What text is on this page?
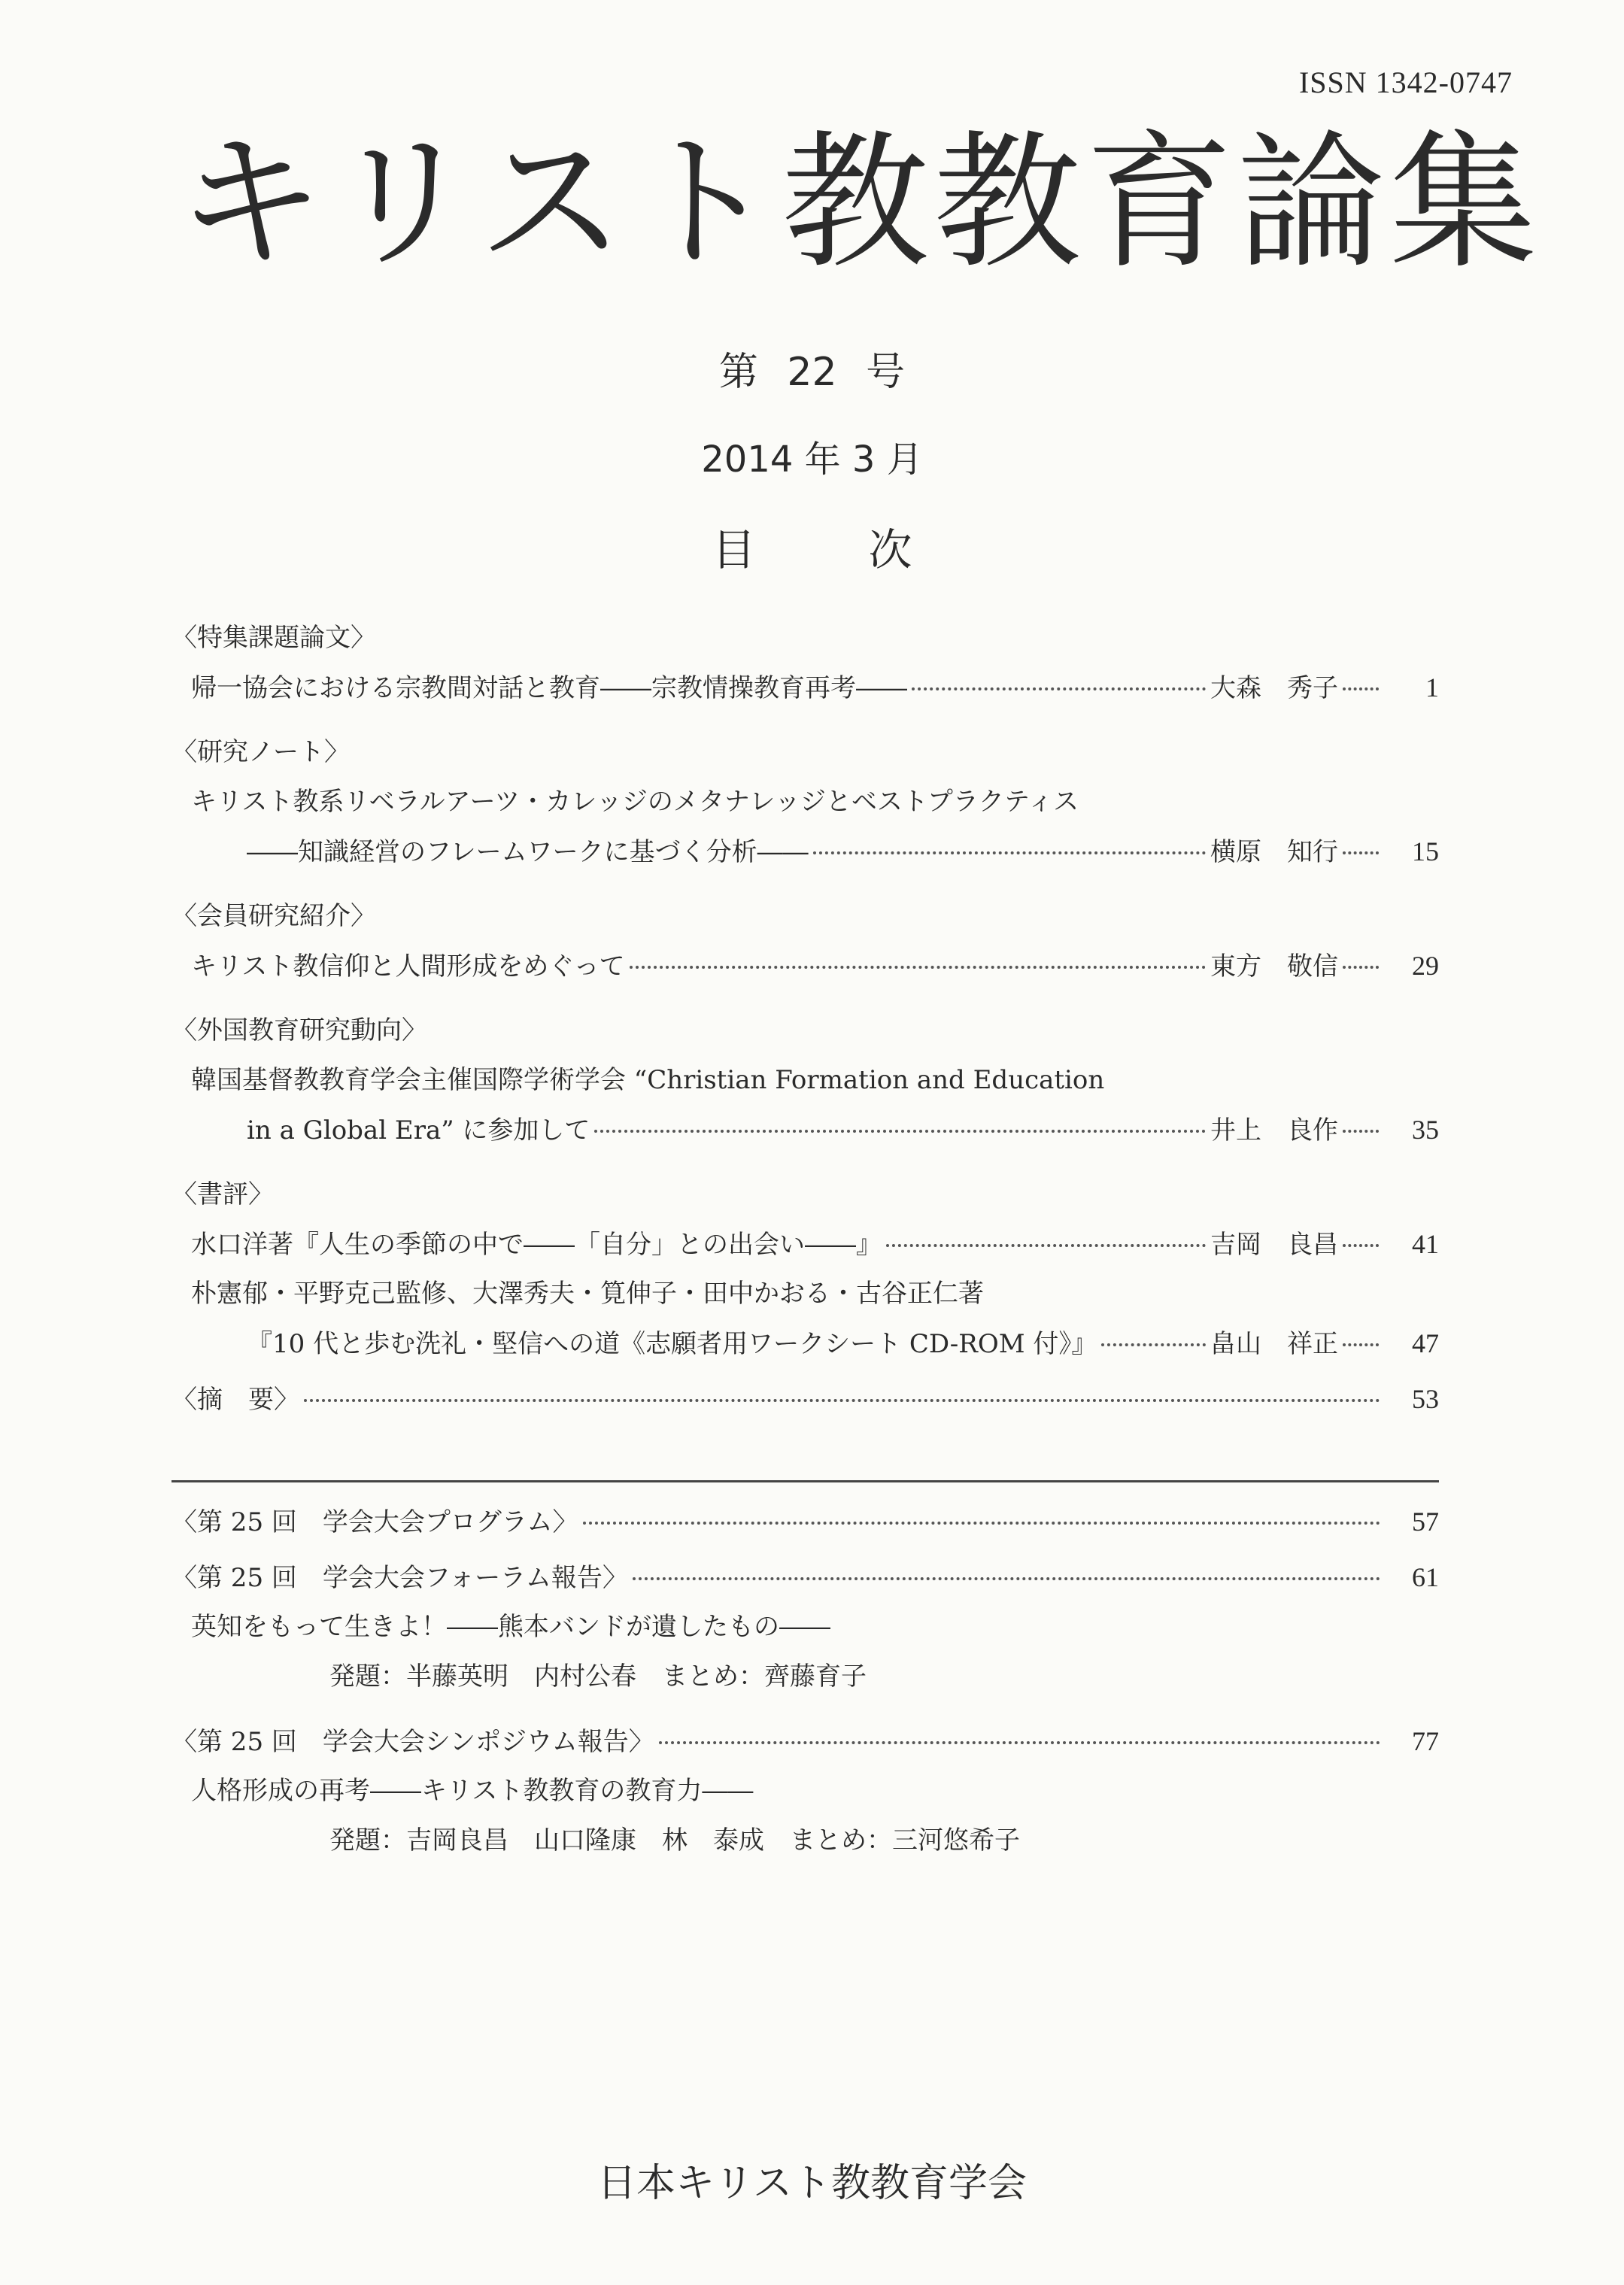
ISSN 1342-0747
キリスト教教育論集
第 22 号
2014 年 3 月
目次
〈特集課題論文〉
帰一協会における宗教間対話と教育――宗教情操教育再考――	大森　秀子	1
〈研究ノート〉
キリスト教系リベラルアーツ・カレッジのメタナレッジとベストプラクティス
――知識経営のフレームワークに基づく分析――	横原　知行	15
〈会員研究紹介〉
キリスト教信仰と人間形成をめぐって	東方　敬信	29
〈外国教育研究動向〉
韓国基督教教育学会主催国際学術学会 “Christian Formation and Education
in a Global Era” に参加して	井上　良作	35
〈書評〉
水口洋著『人生の季節の中で――「自分」との出会い――』	吉岡　良昌	41
朴憲郁・平野克己監修、大澤秀夫・筧伸子・田中かおる・古谷正仁著
『10 代と歩む洗礼・堅信への道《志願者用ワークシート CD-ROM 付》』	畠山　祥正	47
〈摘　要〉	53
〈第 25 回　学会大会プログラム〉	57
〈第 25 回　学会大会フォーラム報告〉	61
英知をもって生きよ！――熊本バンドが遺したもの――
発題：半藤英明　内村公春　まとめ：齊藤育子
〈第 25 回　学会大会シンポジウム報告〉	77
人格形成の再考――キリスト教教育の教育力――
発題：吉岡良昌　山口隆康　林　泰成　まとめ：三河悠希子
日本キリスト教教育学会
